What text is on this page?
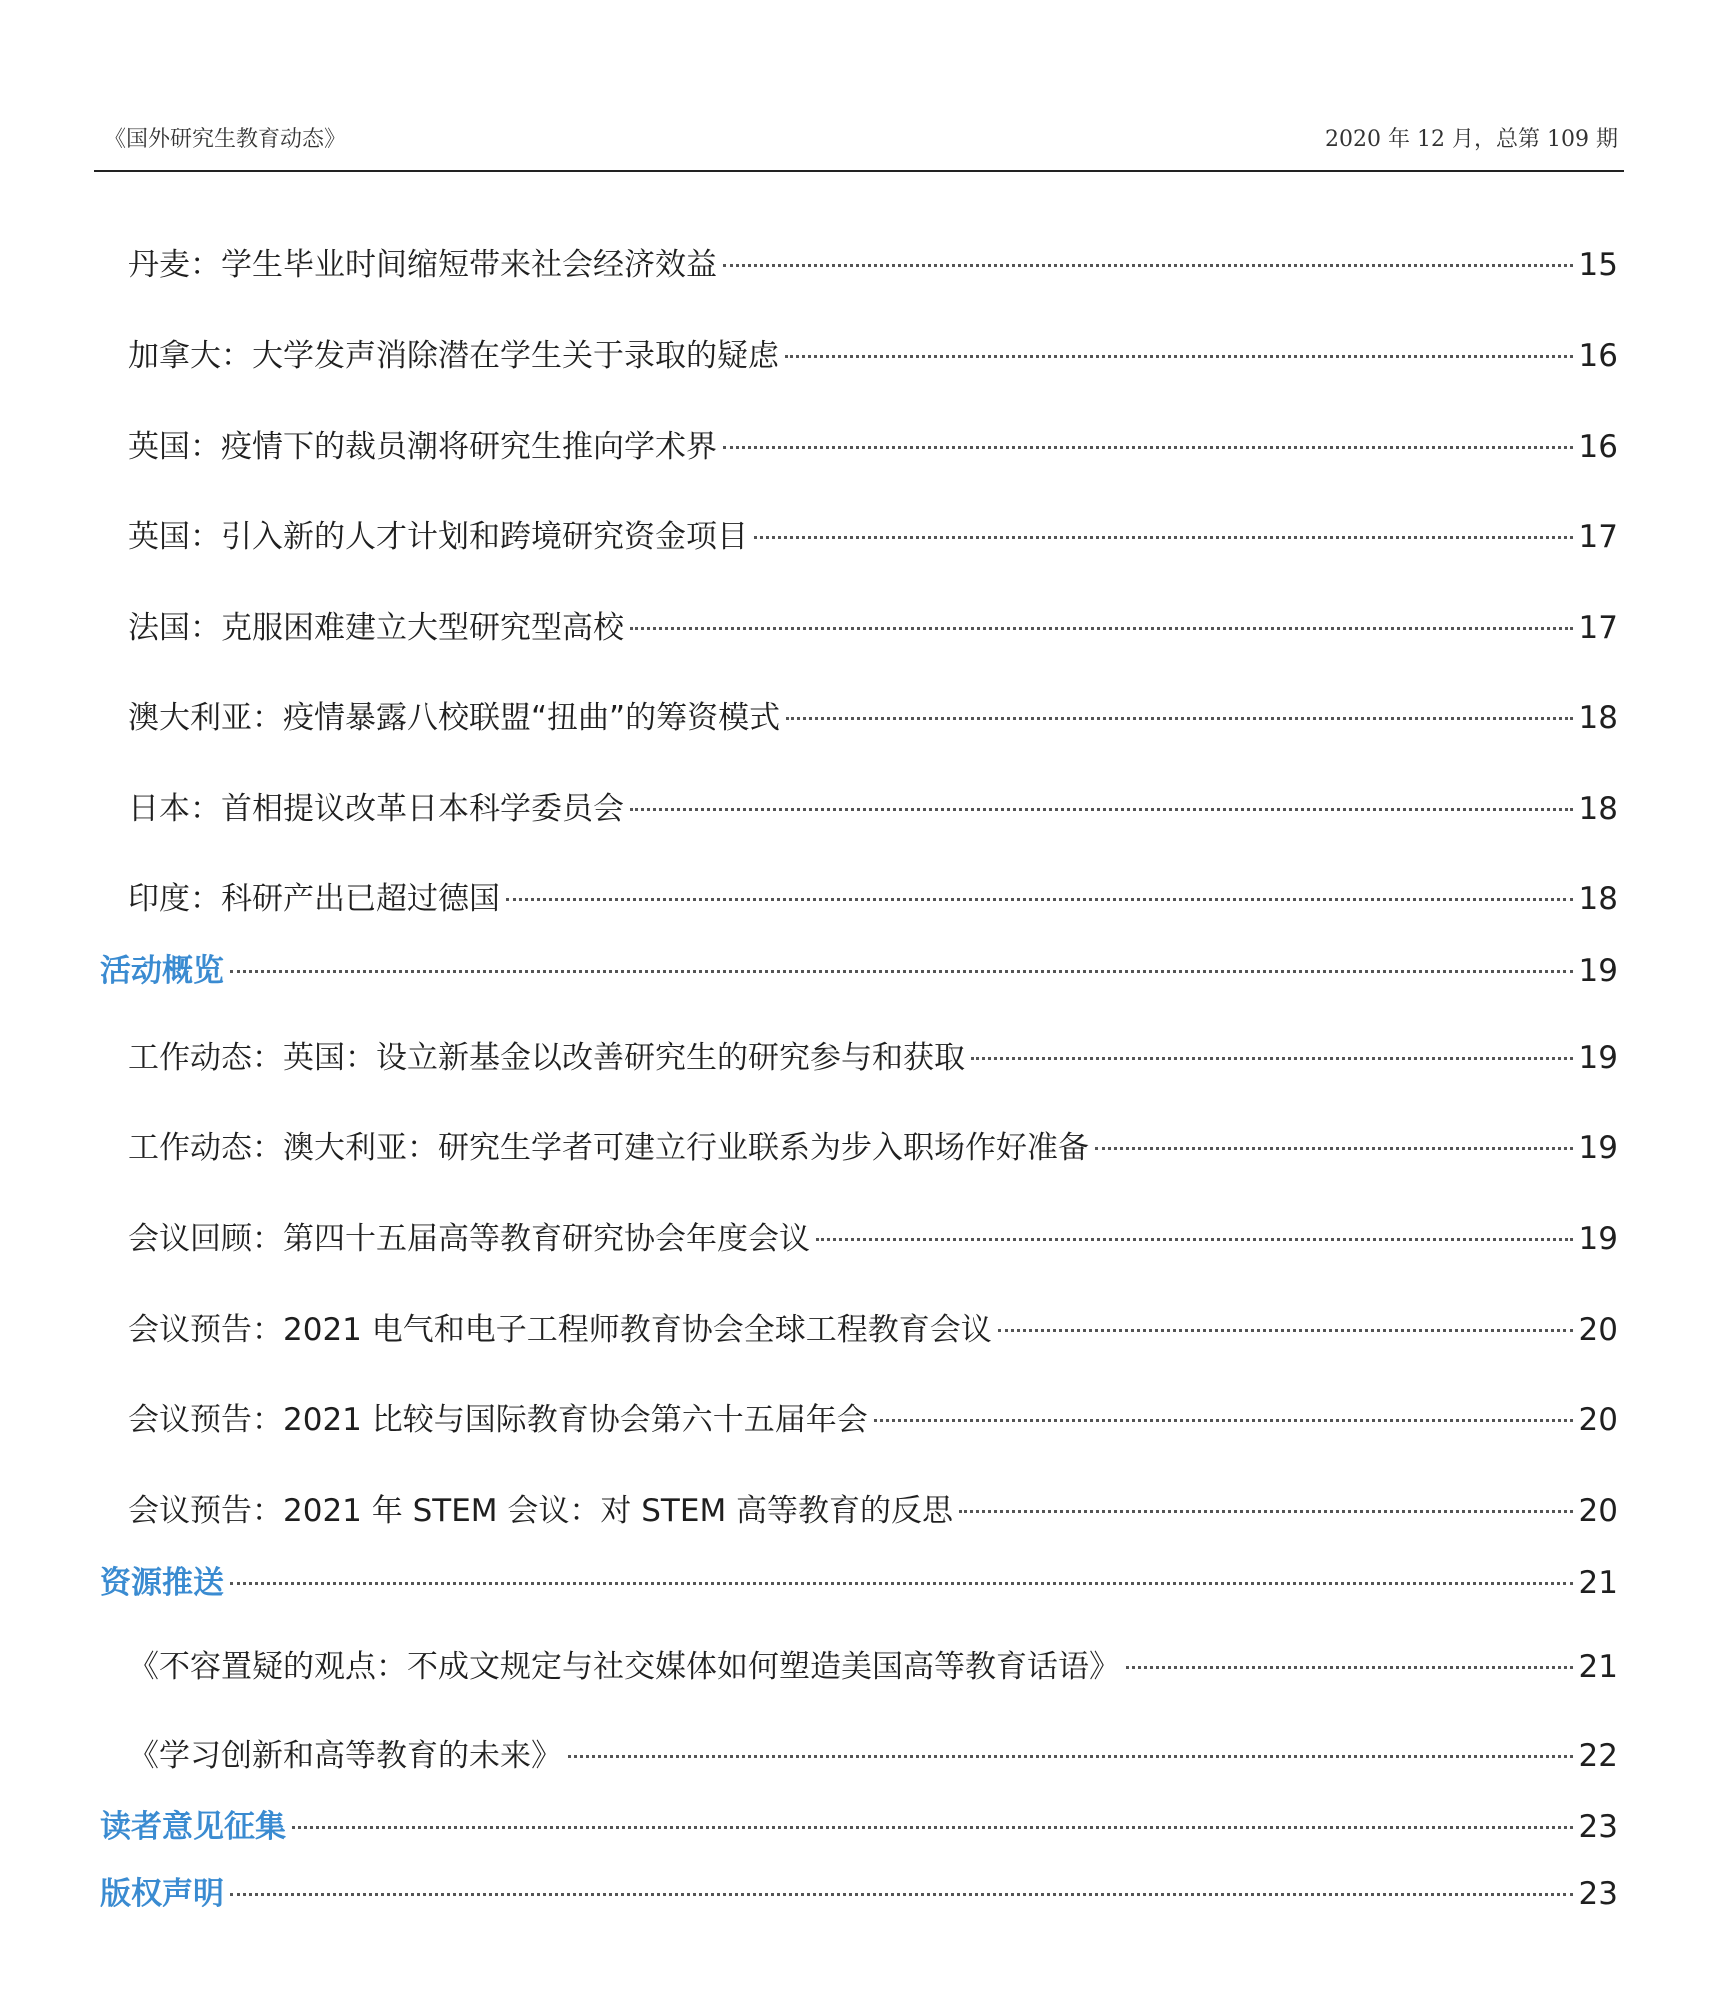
《国外研究生教育动态》	2020 年 12 月，总第 109 期
丹麦：学生毕业时间缩短带来社会经济效益	15
加拿大：大学发声消除潜在学生关于录取的疑虑	16
英国：疫情下的裁员潮将研究生推向学术界	16
英国：引入新的人才计划和跨境研究资金项目	17
法国：克服困难建立大型研究型高校	17
澳大利亚：疫情暴露八校联盟“扭曲”的筹资模式	18
日本：首相提议改革日本科学委员会	18
印度：科研产出已超过德国	18
活动概览	19
工作动态：英国：设立新基金以改善研究生的研究参与和获取	19
工作动态：澳大利亚：研究生学者可建立行业联系为步入职场作好准备	19
会议回顾：第四十五届高等教育研究协会年度会议	19
会议预告：2021 电气和电子工程师教育协会全球工程教育会议	20
会议预告：2021 比较与国际教育协会第六十五届年会	20
会议预告：2021 年 STEM 会议：对 STEM 高等教育的反思	20
资源推送	21
《不容置疑的观点：不成文规定与社交媒体如何塑造美国高等教育话语》	21
《学习创新和高等教育的未来》	22
读者意见征集	23
版权声明	23
